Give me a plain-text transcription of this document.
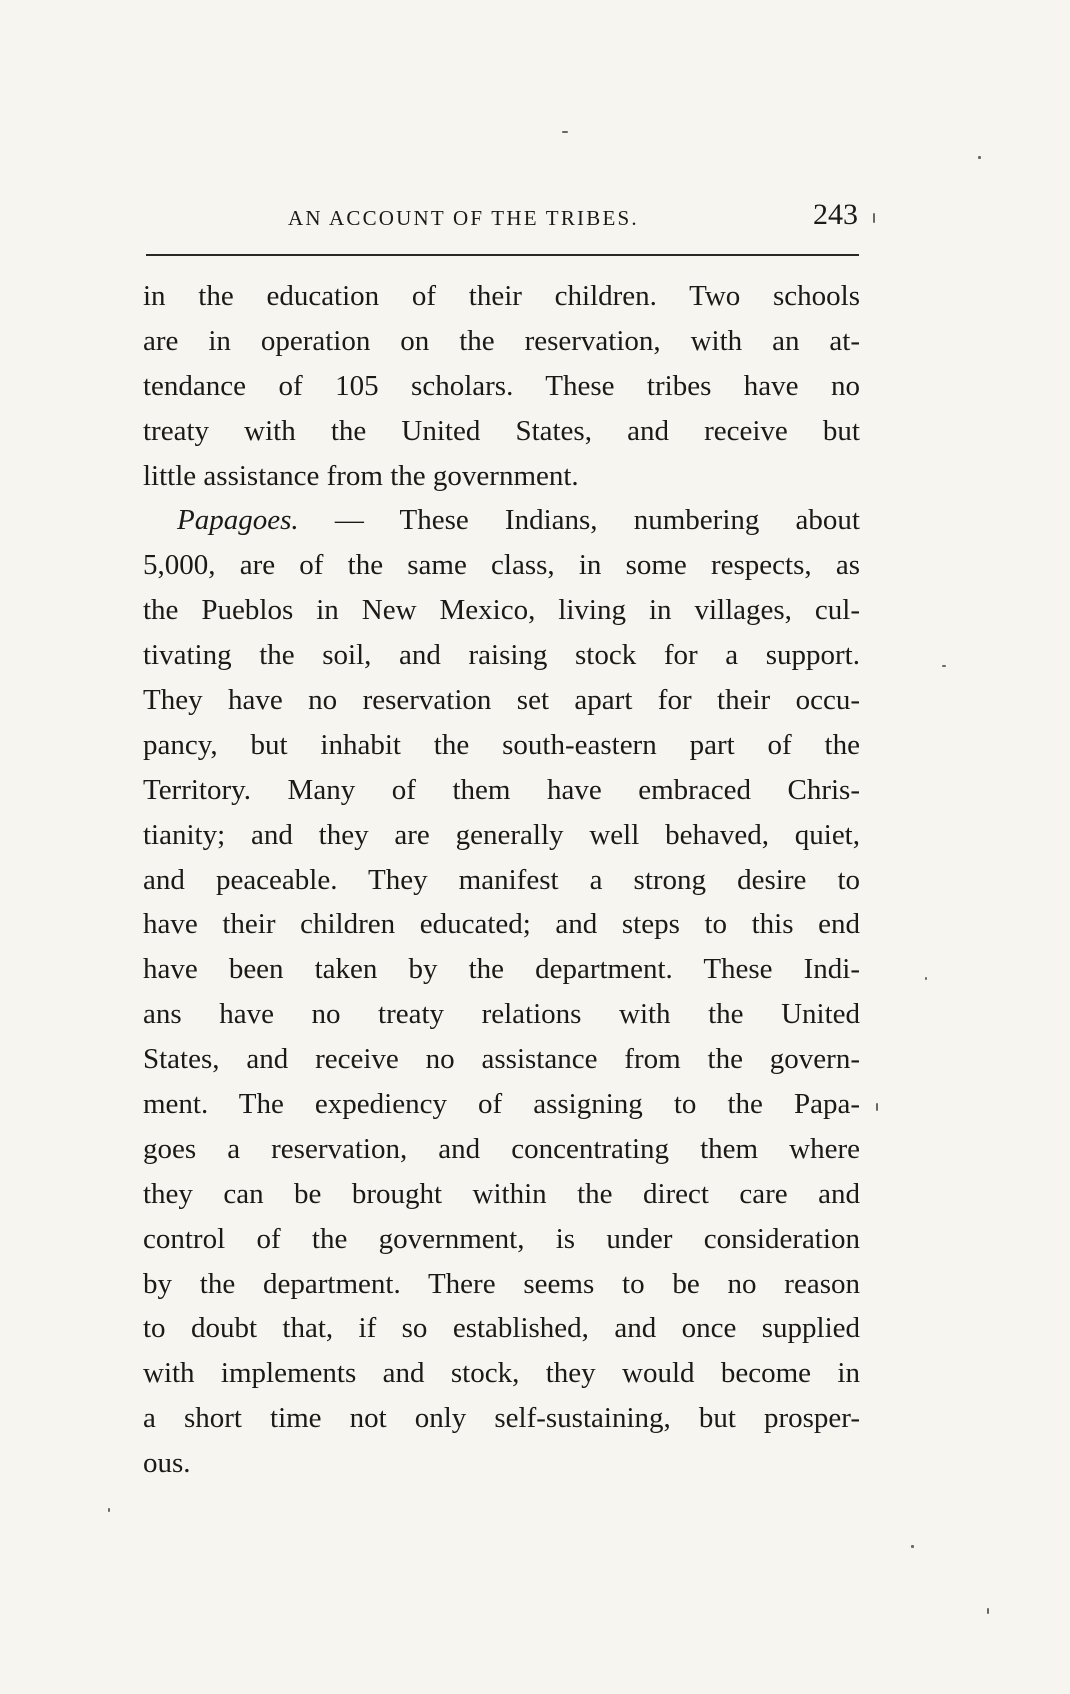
AN ACCOUNT OF THE TRIBES.	243
in the education of their children. Two schools
are in operation on the reservation, with an at-
tendance of 105 scholars. These tribes have no
treaty with the United States, and receive but
little assistance from the government.
Papagoes. — These Indians, numbering about
5,000, are of the same class, in some respects, as
the Pueblos in New Mexico, living in villages, cul-
tivating the soil, and raising stock for a support.
They have no reservation set apart for their occu-
pancy, but inhabit the south-eastern part of the
Territory. Many of them have embraced Chris-
tianity; and they are generally well behaved, quiet,
and peaceable. They manifest a strong desire to
have their children educated; and steps to this end
have been taken by the department. These Indi-
ans have no treaty relations with the United
States, and receive no assistance from the govern-
ment. The expediency of assigning to the Papa-
goes a reservation, and concentrating them where
they can be brought within the direct care and
control of the government, is under consideration
by the department. There seems to be no reason
to doubt that, if so established, and once supplied
with implements and stock, they would become in
a short time not only self-sustaining, but prosper-
ous.
